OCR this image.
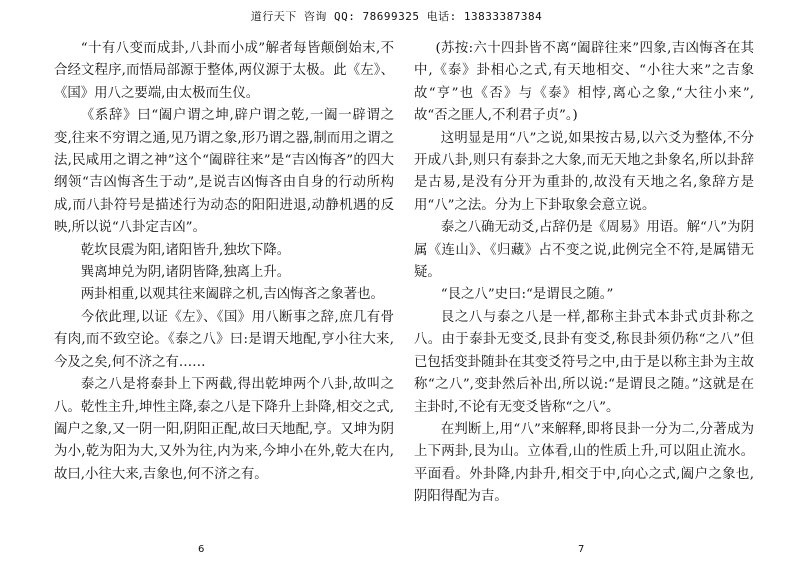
道行天下 咨询 QQ: 78699325 电话: 13833387384

“十有八变而成卦,八卦而小成”解者每皆颠倒始末,不合经文程序,而悟局部源于整体,两仪源于太极。此《左》、《国》用八之要端,由太极而生仪。

《系辞》曰“阖户谓之坤,辟户谓之乾,一阖一辟谓之变,往来不穷谓之通,见乃谓之象,形乃谓之器,制而用之谓之法,民咸用之谓之神”这个“阖辟往来”是“吉凶悔吝”的四大纲领“吉凶悔吝生于动”,是说吉凶悔吝由自身的行动所构成,而八卦符号是描述行为动态的阳阳进退,动静机遇的反映,所以说“八卦定吉凶”。

乾坎艮震为阳,诸阳皆升,独坎下降。

巽离坤兑为阴,诸阴皆降,独离上升。

两卦相重,以观其往来阖辟之机,吉凶悔吝之象著也。

今依此理,以证《左》、《国》用八断事之辞,庶几有骨有肉,而不致空论。《泰之八》曰:是谓天地配,亨小往大来,今及之矣,何不济之有……

泰之八是将泰卦上下两截,得出乾坤两个八卦,故叫之八。乾性主升,坤性主降,泰之八是下降升上卦降,相交之式,阖户之象,又一阴一阳,阴阳正配,故曰天地配,亨。又坤为阴为小,乾为阳为大,又外为往,内为来,今坤小在外,乾大在内,故曰,小往大来,吉象也,何不济之有。

(苏按:六十四卦皆不离“阖辟往来”四象,吉凶悔吝在其中,《泰》卦相心之式,有天地相交、“小往大来”之吉象故“亨”也《否》与《泰》相悖,离心之象,“大往小来”,故“否之匪人,不利君子贞”。)

这明显是用“八”之说,如果按古易,以六爻为整体,不分开成八卦,则只有泰卦之大象,而无天地之卦象名,所以卦辞是古易,是没有分开为重卦的,故没有天地之名,象辞方是用“八”之法。分为上下卦取象会意立说。

泰之八确无动爻,占辞仍是《周易》用语。解“八”为阴属《连山》、《归藏》占不变之说,此例完全不符,是属错无疑。

“艮之八”史曰:“是谓艮之随。”

艮之八与泰之八是一样,都称主卦式本卦式贞卦称之八。由于泰卦无变爻,艮卦有变爻,称艮卦须仍称“之八”但已包括变卦随卦在其变爻符号之中,由于是以称主卦为主故称“之八”,变卦然后补出,所以说:“是谓艮之随。”这就是在主卦时,不论有无变爻皆称“之八”。

在判断上,用“八”来解释,即将艮卦一分为二,分著成为上下两卦,艮为山。立体看,山的性质上升,可以阻止流水。平面看。外卦降,内卦升,相交于中,向心之式,阖户之象也,阴阳得配为吉。

6	7
